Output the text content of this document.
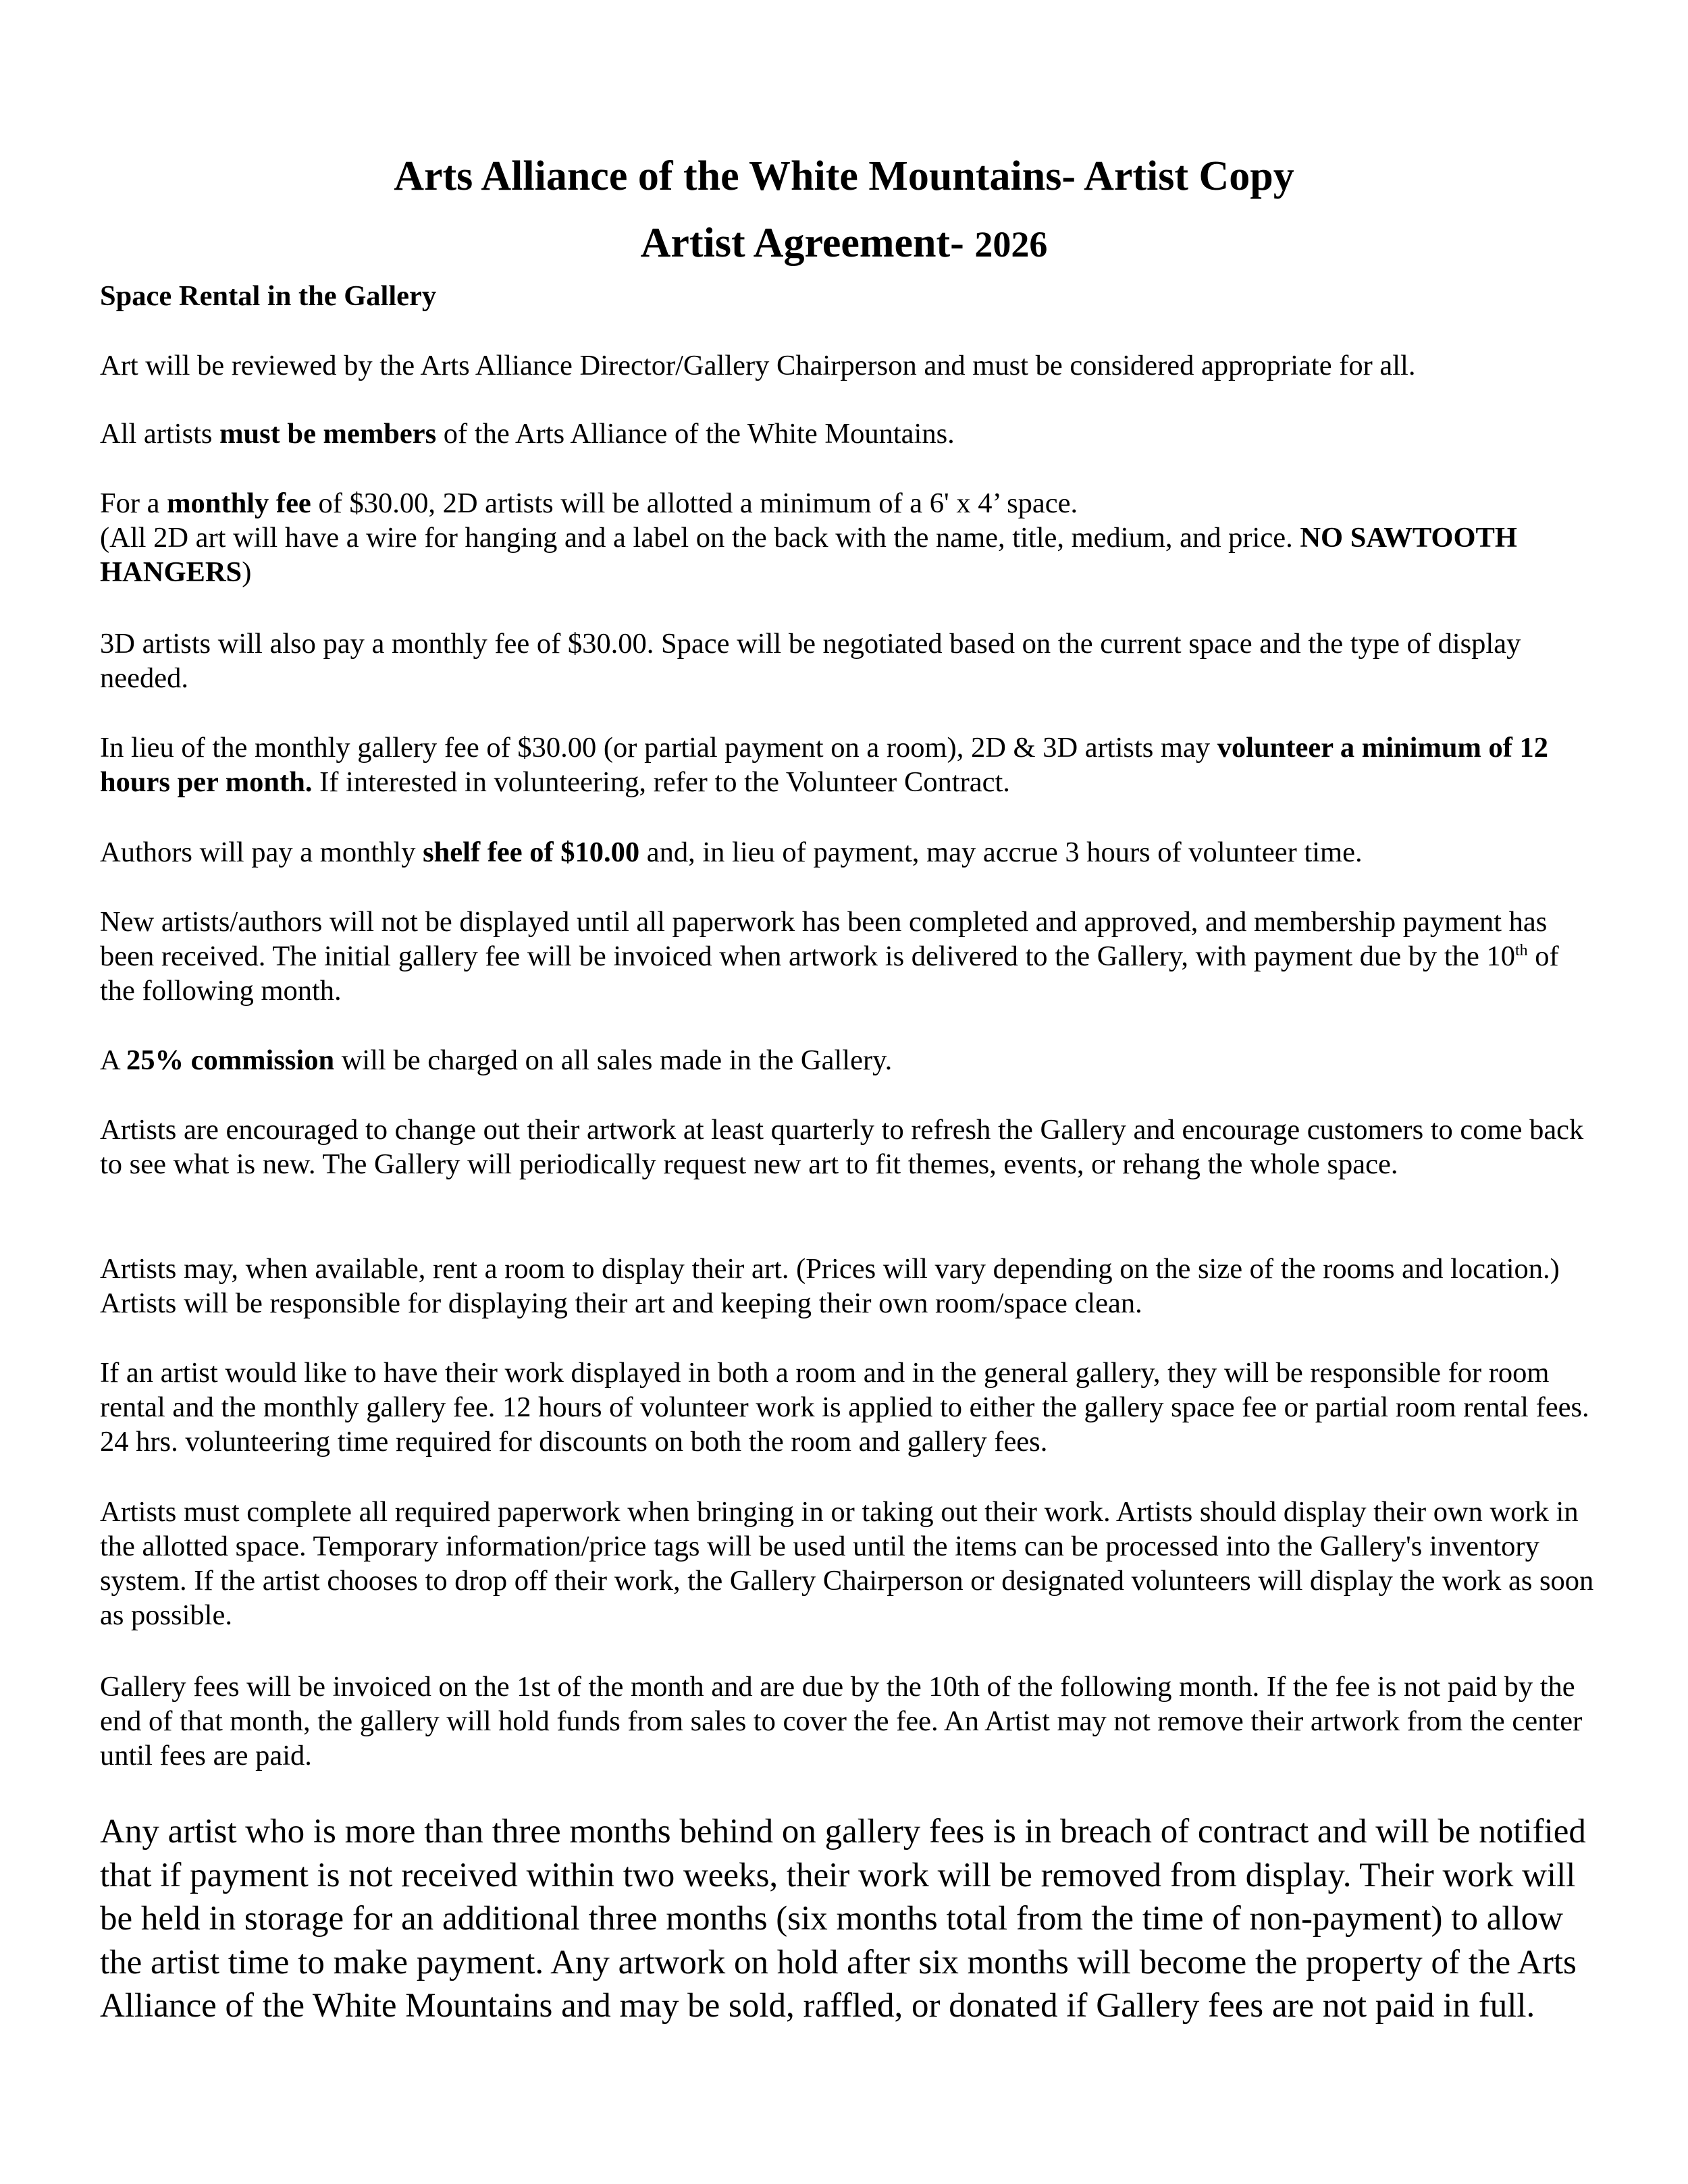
Arts Alliance of the White Mountains- Artist Copy
Artist Agreement- 2026
Space Rental in the Gallery
Art will be reviewed by the Arts Alliance Director/Gallery Chairperson and must be considered appropriate for all.
All artists must be members of the Arts Alliance of the White Mountains.
For a monthly fee of $30.00, 2D artists will be allotted a minimum of a 6' x 4’ space.
(All 2D art will have a wire for hanging and a label on the back with the name, title, medium, and price. NO SAWTOOTH HANGERS)
3D artists will also pay a monthly fee of $30.00. Space will be negotiated based on the current space and the type of display needed.
In lieu of the monthly gallery fee of $30.00 (or partial payment on a room), 2D & 3D artists may volunteer a minimum of 12 hours per month. If interested in volunteering, refer to the Volunteer Contract.
Authors will pay a monthly shelf fee of $10.00 and, in lieu of payment, may accrue 3 hours of volunteer time.
New artists/authors will not be displayed until all paperwork has been completed and approved, and membership payment has been received. The initial gallery fee will be invoiced when artwork is delivered to the Gallery, with payment due by the 10th of the following month.
A 25% commission will be charged on all sales made in the Gallery.
Artists are encouraged to change out their artwork at least quarterly to refresh the Gallery and encourage customers to come back to see what is new. The Gallery will periodically request new art to fit themes, events, or rehang the whole space.
Artists may, when available, rent a room to display their art. (Prices will vary depending on the size of the rooms and location.) Artists will be responsible for displaying their art and keeping their own room/space clean.
If an artist would like to have their work displayed in both a room and in the general gallery, they will be responsible for room rental and the monthly gallery fee. 12 hours of volunteer work is applied to either the gallery space fee or partial room rental fees. 24 hrs. volunteering time required for discounts on both the room and gallery fees.
Artists must complete all required paperwork when bringing in or taking out their work. Artists should display their own work in the allotted space. Temporary information/price tags will be used until the items can be processed into the Gallery's inventory system. If the artist chooses to drop off their work, the Gallery Chairperson or designated volunteers will display the work as soon as possible.
Gallery fees will be invoiced on the 1st of the month and are due by the 10th of the following month. If the fee is not paid by the end of that month, the gallery will hold funds from sales to cover the fee. An Artist may not remove their artwork from the center until fees are paid.
Any artist who is more than three months behind on gallery fees is in breach of contract and will be notified that if payment is not received within two weeks, their work will be removed from display. Their work will be held in storage for an additional three months (six months total from the time of non-payment) to allow the artist time to make payment. Any artwork on hold after six months will become the property of the Arts Alliance of the White Mountains and may be sold, raffled, or donated if Gallery fees are not paid in full.
